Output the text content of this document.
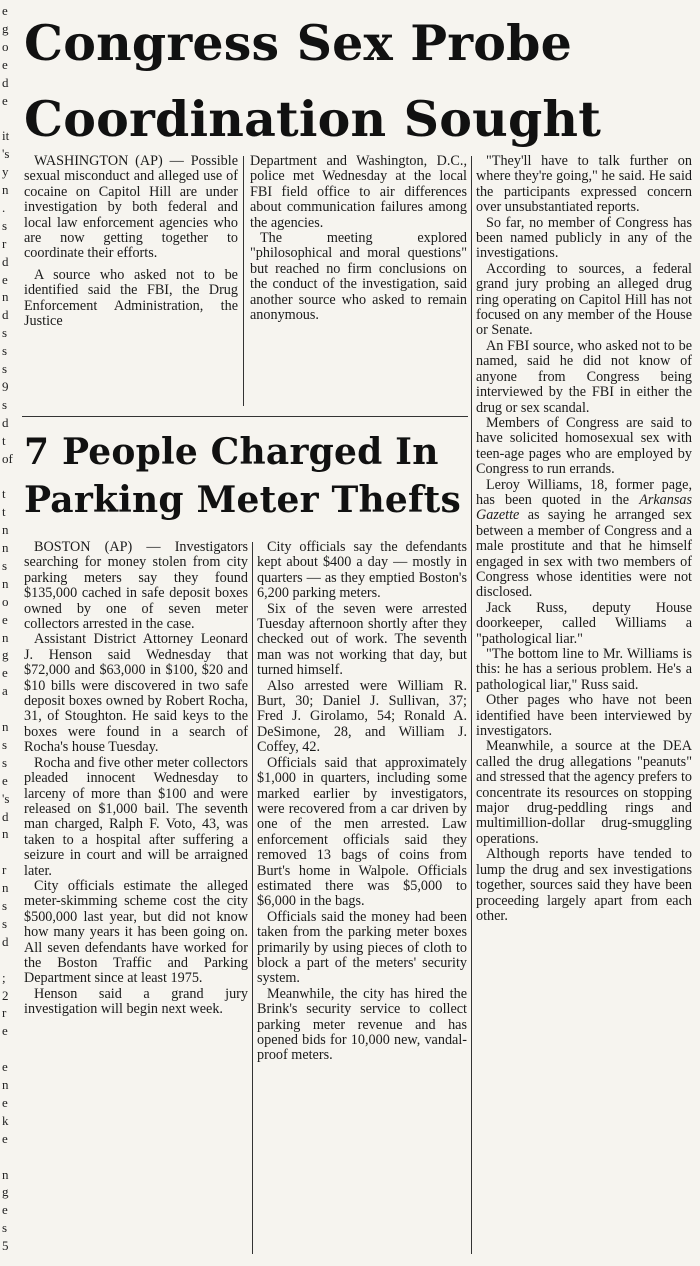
e
g
o
e
d
e
it
's
y
n
.
s
r
d
e
n
d
s
s
s
9
s
d
t
of
t
t
n
n
s
n
o
e
n
g
e
a
n
s
s
e
's
d
n
r
n
s
s
d
;
2
r
e
e
n
e
k
e
n
g
e
s
5
Congress Sex Probe
Coordination Sought

WASHINGTON (AP) — Possible sexual misconduct and alleged use of cocaine on Capitol Hill are under investigation by both federal and local law enforcement agencies who are now getting together to coordinate their efforts.

A source who asked not to be identified said the FBI, the Drug Enforcement Administration, the Justice

Department and Washington, D.C., police met Wednesday at the local FBI field office to air differences about communication failures among the agencies.

The meeting explored "philosophical and moral questions" but reached no firm conclusions on the conduct of the investigation, said another source who asked to remain anonymous.

"They'll have to talk further on where they're going," he said. He said the participants expressed concern over unsubstantiated reports.

So far, no member of Congress has been named publicly in any of the investigations.

According to sources, a federal grand jury probing an alleged drug ring operating on Capitol Hill has not focused on any member of the House or Senate.

An FBI source, who asked not to be named, said he did not know of anyone from Congress being interviewed by the FBI in either the drug or sex scandal.

Members of Congress are said to have solicited homosexual sex with teen-age pages who are employed by Congress to run errands.

Leroy Williams, 18, former page, has been quoted in the Arkansas Gazette as saying he arranged sex between a member of Congress and a male prostitute and that he himself engaged in sex with two members of Congress whose identities were not disclosed.

Jack Russ, deputy House doorkeeper, called Williams a "pathological liar."

"The bottom line to Mr. Williams is this: he has a serious problem. He's a pathological liar," Russ said.

Other pages who have not been identified have been interviewed by investigators.

Meanwhile, a source at the DEA called the drug allegations "peanuts" and stressed that the agency prefers to concentrate its resources on stopping major drug-peddling rings and multimillion-dollar drug-smuggling operations.

Although reports have tended to lump the drug and sex investigations together, sources said they have been proceeding largely apart from each other.

7 People Charged In
Parking Meter Thefts

BOSTON (AP) — Investigators searching for money stolen from city parking meters say they found $135,000 cached in safe deposit boxes owned by one of seven meter collectors arrested in the case.

Assistant District Attorney Leonard J. Henson said Wednesday that $72,000 and $63,000 in $100, $20 and $10 bills were discovered in two safe deposit boxes owned by Robert Rocha, 31, of Stoughton. He said keys to the boxes were found in a search of Rocha's house Tuesday.

Rocha and five other meter collectors pleaded innocent Wednesday to larceny of more than $100 and were released on $1,000 bail. The seventh man charged, Ralph F. Voto, 43, was taken to a hospital after suffering a seizure in court and will be arraigned later.

City officials estimate the alleged meter-skimming scheme cost the city $500,000 last year, but did not know how many years it has been going on. All seven defendants have worked for the Boston Traffic and Parking Department since at least 1975.

Henson said a grand jury investigation will begin next week.

City officials say the defendants kept about $400 a day — mostly in quarters — as they emptied Boston's 6,200 parking meters.

Six of the seven were arrested Tuesday afternoon shortly after they checked out of work. The seventh man was not working that day, but turned himself.

Also arrested were William R. Burt, 30; Daniel J. Sullivan, 37; Fred J. Girolamo, 54; Ronald A. DeSimone, 28, and William J. Coffey, 42.

Officials said that approximately $1,000 in quarters, including some marked earlier by investigators, were recovered from a car driven by one of the men arrested. Law enforcement officials said they removed 13 bags of coins from Burt's home in Walpole. Officials estimated there was $5,000 to $6,000 in the bags.

Officials said the money had been taken from the parking meter boxes primarily by using pieces of cloth to block a part of the meters' security system.

Meanwhile, the city has hired the Brink's security service to collect parking meter revenue and has opened bids for 10,000 new, vandal-proof meters.
